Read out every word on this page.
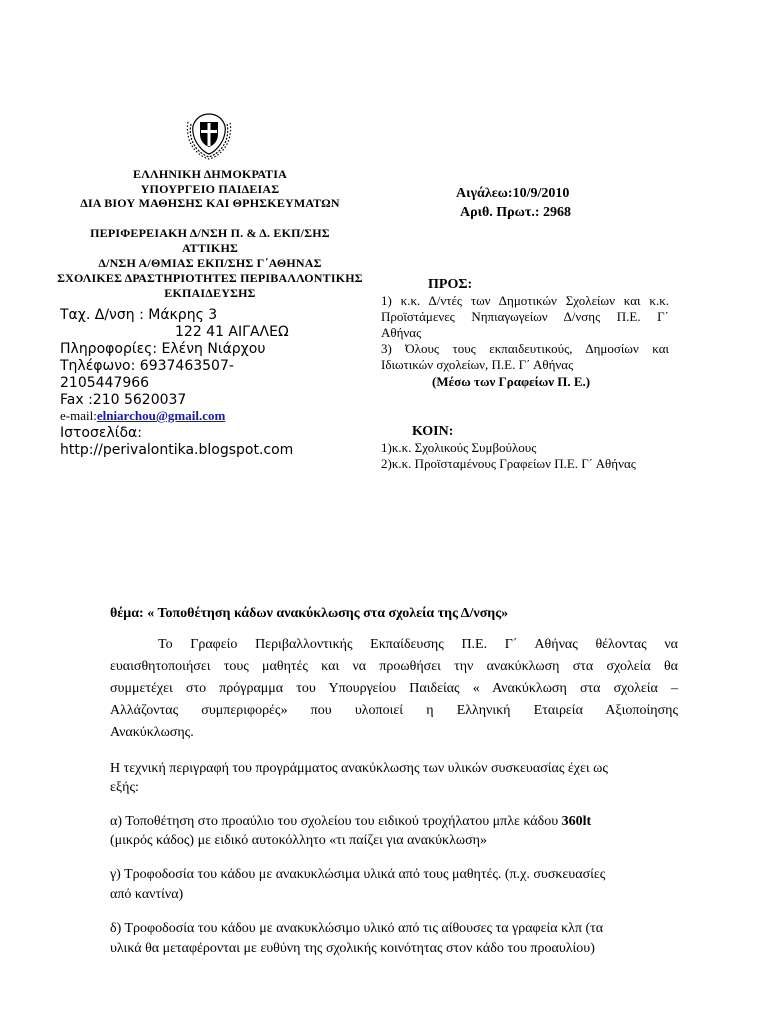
ΕΛΛΗΝΙΚΗ ΔΗΜΟΚΡΑΤΙΑ
ΥΠΟΥΡΓΕΙΟ ΠΑΙΔΕΙΑΣ
ΔΙΑ ΒΙΟΥ ΜΑΘΗΣΗΣ ΚΑΙ ΘΡΗΣΚΕΥΜΑΤΩΝ
ΠΕΡΙΦΕΡΕΙΑΚΗ Δ/ΝΣΗ Π. & Δ. ΕΚΠ/ΣΗΣ
ΑΤΤΙΚΗΣ
Δ/ΝΣΗ Α/ΘΜΙΑΣ ΕΚΠ/ΣΗΣ Γ΄ΑΘΗΝΑΣ
ΣΧΟΛΙΚΕΣ ΔΡΑΣΤΗΡΙΟΤΗΤΕΣ ΠΕΡΙΒΑΛΛΟΝΤΙΚΗΣ
ΕΚΠΑΙΔΕΥΣΗΣ
Ταχ. Δ/νση : Μάκρης 3
122 41 ΑΙΓΑΛΕΩ
Πληροφορίες: Ελένη Νιάρχου
Τηλέφωνο: 6937463507-
2105447966
Fax :210 5620037
e-mail:elniarchou@gmail.com
Ιστοσελίδα:
http://perivalontika.blogspot.com
Αιγάλεω:10/9/2010
Αριθ. Πρωτ.: 2968
ΠΡΟΣ:
1) κ.κ. Δ/ντές των Δημοτικών Σχολείων και κ.κ.
Προϊστάμενες Νηπιαγωγείων Δ/νσης Π.Ε. Γ΄
Αθήνας
3) Όλους τους εκπαιδευτικούς, Δημοσίων και
Ιδιωτικών σχολείων, Π.Ε. Γ΄ Αθήνας
(Μέσω των Γραφείων Π. Ε.)
ΚΟΙΝ:
1)κ.κ. Σχολικούς Συμβούλους
2)κ.κ. Προϊσταμένους Γραφείων Π.Ε. Γ΄ Αθήνας
θέμα: « Τοποθέτηση κάδων ανακύκλωσης στα σχολεία της Δ/νσης»
Το Γραφείο Περιβαλλοντικής Εκπαίδευσης Π.Ε. Γ΄ Αθήνας θέλοντας να
ευαισθητοποιήσει τους μαθητές και να προωθήσει την ανακύκλωση στα σχολεία θα
συμμετέχει στο πρόγραμμα του Υπουργείου Παιδείας « Ανακύκλωση στα σχολεία –
Αλλάζοντας συμπεριφορές» που υλοποιεί η Ελληνική Εταιρεία Αξιοποίησης
Ανακύκλωσης.
Η τεχνική περιγραφή του προγράμματος ανακύκλωσης των υλικών συσκευασίας έχει ως
εξής:
α) Τοποθέτηση στο προαύλιο του σχολείου του ειδικού τροχήλατου μπλε κάδου 360lt
(μικρός κάδος) με ειδικό αυτοκόλλητο «τι παίζει για ανακύκλωση»
γ) Τροφοδοσία του κάδου με ανακυκλώσιμα υλικά από τους μαθητές. (π.χ. συσκευασίες
από καντίνα)
δ) Τροφοδοσία του κάδου με ανακυκλώσιμο υλικό από τις αίθουσες τα γραφεία κλπ (τα
υλικά θα μεταφέρονται με ευθύνη της σχολικής κοινότητας στον κάδο του προαυλίου)
